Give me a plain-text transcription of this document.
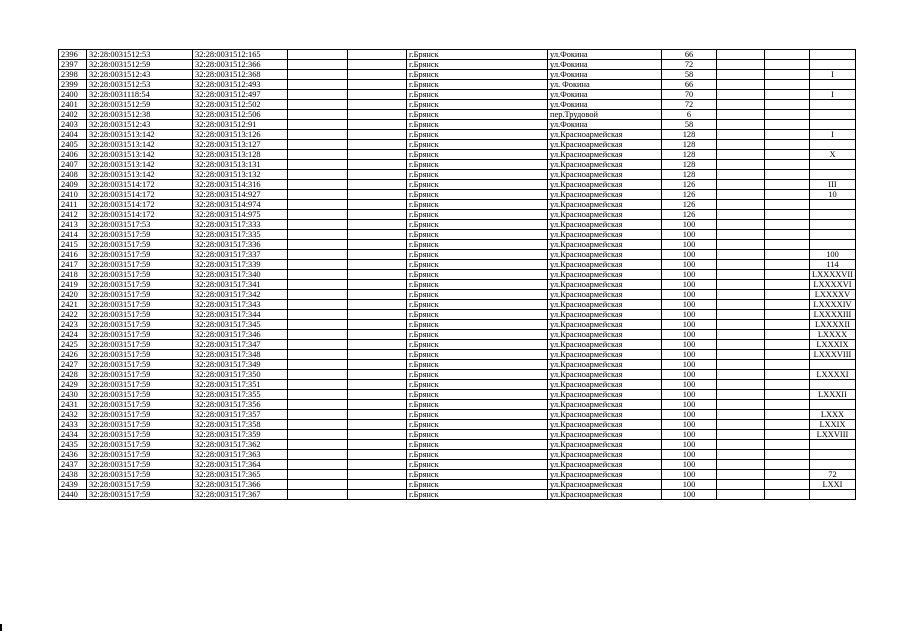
2396	32:28:0031512:53	32:28:0031512:165			г.Брянск	ул.Фокина	66			
2397	32:28:0031512:59	32:28:0031512:366			г.Брянск	ул.Фокина	72			
2398	32:28:0031512:43	32:28:0031512:368			г.Брянск	ул.Фокина	58			I
2399	32:28:0031512:53	32:28:0031512:493			г.Брянск	ул. Фокина	66			
2400	32:28:0031118:54	32:28:0031512:497			г.Брянск	ул.Фокина	70			I
2401	32:28:0031512:59	32:28:0031512:502			г.Брянск	ул.Фокина	72			
2402	32:28:0031512:38	32:28:0031512:506			г.Брянск	пер.Трудовой	6			
2403	32:28:0031512:43	32:28:0031512:91			г.Брянск	ул.Фокина	58			
2404	32:28:0031513:142	32:28:0031513:126			г.Брянск	ул.Красноармейская	128			I
2405	32:28:0031513:142	32:28:0031513:127			г.Брянск	ул.Красноармейская	128			
2406	32:28:0031513:142	32:28:0031513:128			г.Брянск	ул.Красноармейская	128			X
2407	32:28:0031513:142	32:28:0031513:131			г.Брянск	ул.Красноармейская	128			
2408	32:28:0031513:142	32:28:0031513:132			г.Брянск	ул.Красноармейская	128			
2409	32:28:0031514:172	32:28:0031514:316			г.Брянск	ул.Красноармейская	126			III
2410	32:28:0031514:172	32:28:0031514:927			г.Брянск	ул.Красноармейская	126			10
2411	32:28:0031514:172	32:28:0031514:974			г.Брянск	ул.Красноармейская	126			
2412	32:28:0031514:172	32:28:0031514:975			г.Брянск	ул.Красноармейская	126			
2413	32:28:0031517:53	32:28:0031517:333			г.Брянск	ул.Красноармейская	100			
2414	32:28:0031517:59	32:28:0031517:335			г.Брянск	ул.Красноармейская	100			
2415	32:28:0031517:59	32:28:0031517:336			г.Брянск	ул.Красноармейская	100			
2416	32:28:0031517:59	32:28:0031517:337			г.Брянск	ул.Красноармейская	100			100
2417	32:28:0031517:59	32:28:0031517:339			г.Брянск	ул.Красноармейская	100			114
2418	32:28:0031517:59	32:28:0031517:340			г.Брянск	ул.Красноармейская	100			LXXXXVII
2419	32:28:0031517:59	32:28:0031517:341			г.Брянск	ул.Красноармейская	100			LXXXXVI
2420	32:28:0031517:59	32:28:0031517:342			г.Брянск	ул.Красноармейская	100			LXXXXV
2421	32:28:0031517:59	32:28:0031517:343			г.Брянск	ул.Красноармейская	100			LXXXXIV
2422	32:28:0031517:59	32:28:0031517:344			г.Брянск	ул.Красноармейская	100			LXXXXIII
2423	32:28:0031517:59	32:28:0031517:345			г.Брянск	ул.Красноармейская	100			LXXXXII
2424	32:28:0031517:59	32:28:0031517:346			г.Брянск	ул.Красноармейская	100			LXXXX
2425	32:28:0031517:59	32:28:0031517:347			г.Брянск	ул.Красноармейская	100			LXXXIX
2426	32:28:0031517:59	32:28:0031517:348			г.Брянск	ул.Красноармейская	100			LXXXVIII
2427	32:28:0031517:59	32:28:0031517:349			г.Брянск	ул.Красноармейская	100			
2428	32:28:0031517:59	32:28:0031517:350			г.Брянск	ул.Красноармейская	100			LXXXXI
2429	32:28:0031517:59	32:28:0031517:351			г.Брянск	ул.Красноармейская	100			
2430	32:28:0031517:59	32:28:0031517:355			г.Брянск	ул.Красноармейская	100			LXXXII
2431	32:28:0031517:59	32:28:0031517:356			г.Брянск	ул.Красноармейская	100			
2432	32:28:0031517:59	32:28:0031517:357			г.Брянск	ул.Красноармейская	100			LXXX
2433	32:28:0031517:59	32:28:0031517:358			г.Брянск	ул.Красноармейская	100			LXXIX
2434	32:28:0031517:59	32:28:0031517:359			г.Брянск	ул.Красноармейская	100			LXXVIII
2435	32:28:0031517:59	32:28:0031517:362			г.Брянск	ул.Красноармейская	100			
2436	32:28:0031517:59	32:28:0031517:363			г.Брянск	ул.Красноармейская	100			
2437	32:28:0031517:59	32:28:0031517:364			г.Брянск	ул.Красноармейская	100			
2438	32:28:0031517:59	32:28:0031517:365			г.Брянск	ул.Красноармейская	100			72
2439	32:28:0031517:59	32:28:0031517:366			г.Брянск	ул.Красноармейская	100			LXXI
2440	32:28:0031517:59	32:28:0031517:367			г.Брянск	ул.Красноармейская	100			
